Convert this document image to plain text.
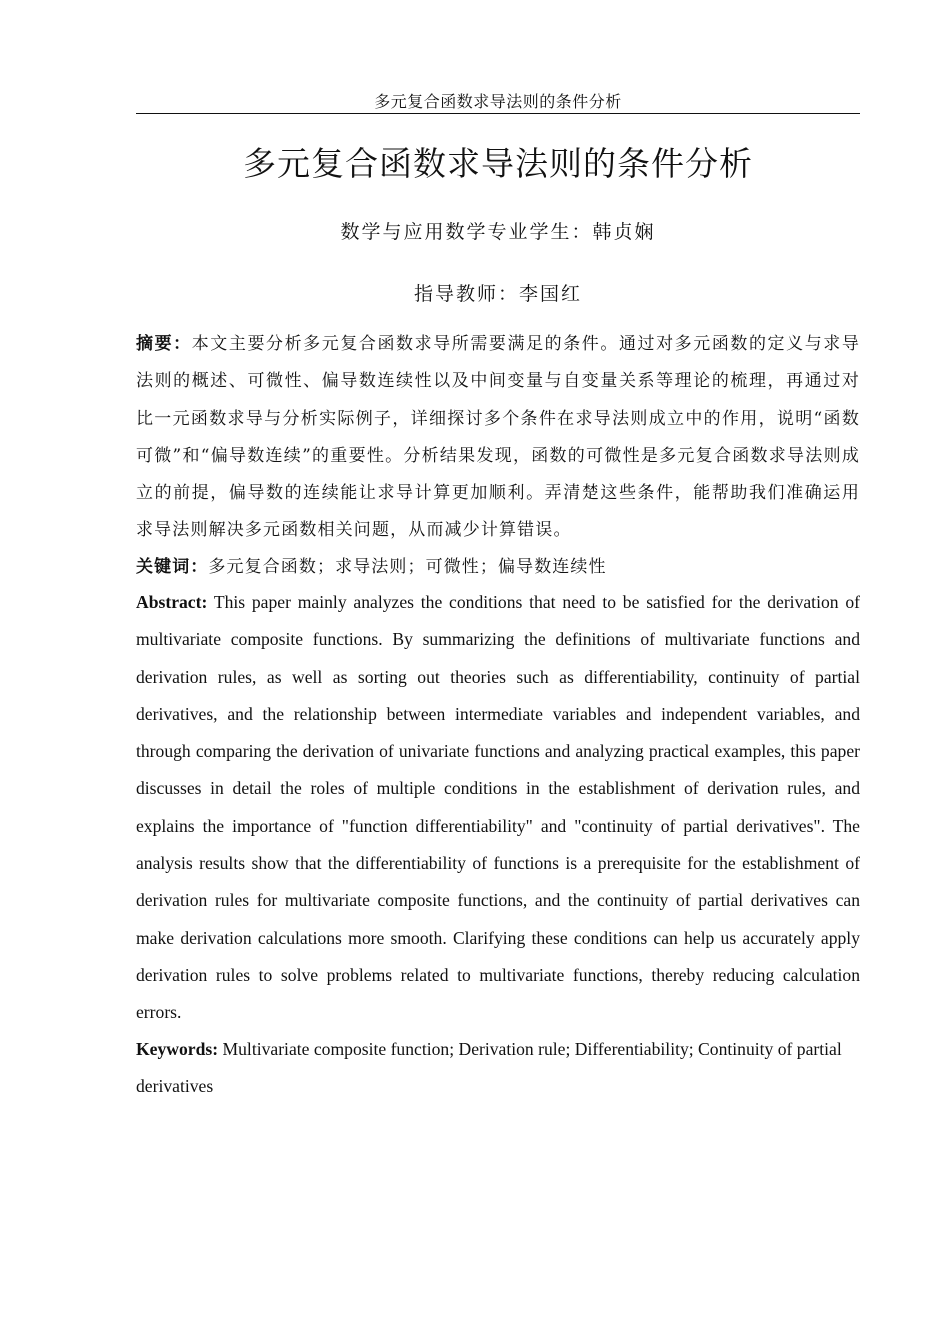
多元复合函数求导法则的条件分析
多元复合函数求导法则的条件分析
数学与应用数学专业学生：韩贞娴
指导教师：李国红

摘要：本文主要分析多元复合函数求导所需要满足的条件。通过对多元函数的定义与求导法则的概述、可微性、偏导数连续性以及中间变量与自变量关系等理论的梳理，再通过对比一元函数求导与分析实际例子，详细探讨多个条件在求导法则成立中的作用，说明“函数可微”和“偏导数连续”的重要性。分析结果发现，函数的可微性是多元复合函数求导法则成立的前提，偏导数的连续能让求导计算更加顺利。弄清楚这些条件，能帮助我们准确运用求导法则解决多元函数相关问题，从而减少计算错误。

关键词：多元复合函数；求导法则；可微性；偏导数连续性

Abstract: This paper mainly analyzes the conditions that need to be satisfied for the derivation of multivariate composite functions. By summarizing the definitions of multivariate functions and derivation rules, as well as sorting out theories such as differentiability, continuity of partial derivatives, and the relationship between intermediate variables and independent variables, and through comparing the derivation of univariate functions and analyzing practical examples, this paper discusses in detail the roles of multiple conditions in the establishment of derivation rules, and explains the importance of "function differentiability" and "continuity of partial derivatives". The analysis results show that the differentiability of functions is a prerequisite for the establishment of derivation rules for multivariate composite functions, and the continuity of partial derivatives can make derivation calculations more smooth. Clarifying these conditions can help us accurately apply derivation rules to solve problems related to multivariate functions, thereby reducing calculation errors.

Keywords: Multivariate composite function; Derivation rule; Differentiability; Continuity of partial derivatives
